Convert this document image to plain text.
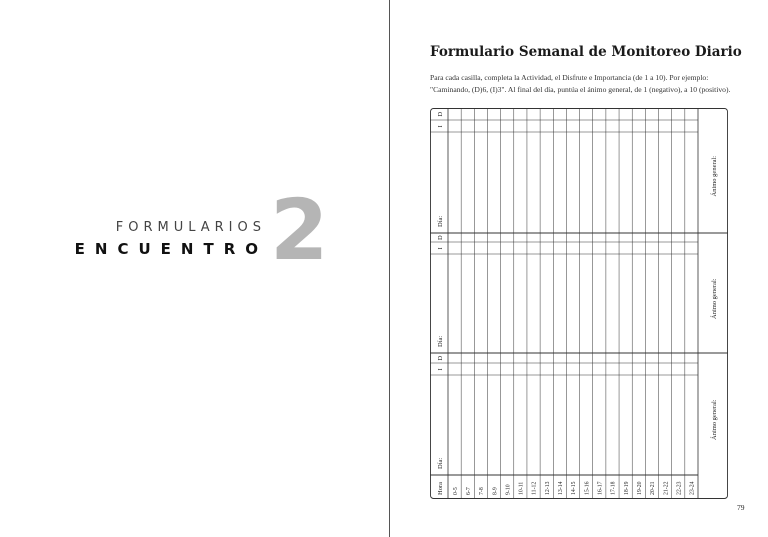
FORMULARIOS
ENCUENTRO 2
Formulario Semanal de Monitoreo Diario
Para cada casilla, completa la Actividad, el Disfrute e Importancia (de 1 a 10). Por ejemplo: "Caminando, (D)6, (I)3". Al final del día, puntúa el ánimo general, de 1 (negativo), a 10 (positivo).
D
I
Día:
Ánimo general:
D
I
Día:
Ánimo general:
D
I
Día:
Ánimo general:
Hora 0-5 6-7 7-8 8-9 9-10 10-11 11-12 12-13 13-14 14-15 15-16 16-17 17-18 18-19 19-20 20-21 21-22 22-23 23-24
79
